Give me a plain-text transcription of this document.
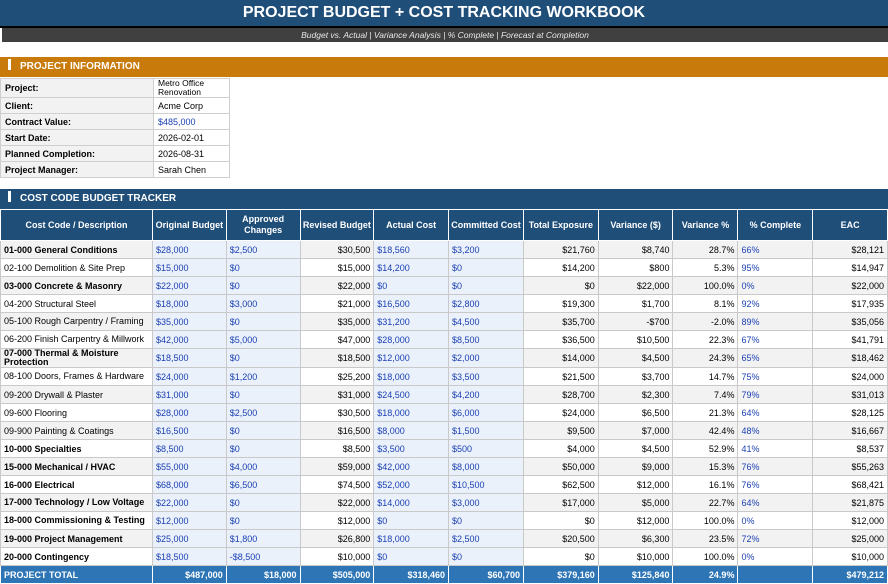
PROJECT BUDGET + COST TRACKING WORKBOOK
Budget vs. Actual | Variance Analysis | % Complete | Forecast at Completion
PROJECT INFORMATION
Project:	Metro Office Renovation
Client:	Acme Corp
Contract Value:	$485,000
Start Date:	2026-02-01
Planned Completion:	2026-08-31
Project Manager:	Sarah Chen
COST CODE BUDGET TRACKER
Cost Code / Description	Original Budget	Approved Changes	Revised Budget	Actual Cost	Committed Cost	Total Exposure	Variance ($)	Variance %	% Complete	EAC
01-000 General Conditions	$28,000	$2,500	$30,500	$18,560	$3,200	$21,760	$8,740	28.7%	66%	$28,121
02-100 Demolition & Site Prep	$15,000	$0	$15,000	$14,200	$0	$14,200	$800	5.3%	95%	$14,947
03-000 Concrete & Masonry	$22,000	$0	$22,000	$0	$0	$0	$22,000	100.0%	0%	$22,000
04-200 Structural Steel	$18,000	$3,000	$21,000	$16,500	$2,800	$19,300	$1,700	8.1%	92%	$17,935
05-100 Rough Carpentry / Framing	$35,000	$0	$35,000	$31,200	$4,500	$35,700	-$700	-2.0%	89%	$35,056
06-200 Finish Carpentry & Millwork	$42,000	$5,000	$47,000	$28,000	$8,500	$36,500	$10,500	22.3%	67%	$41,791
07-000 Thermal & Moisture Protection	$18,500	$0	$18,500	$12,000	$2,000	$14,000	$4,500	24.3%	65%	$18,462
08-100 Doors, Frames & Hardware	$24,000	$1,200	$25,200	$18,000	$3,500	$21,500	$3,700	14.7%	75%	$24,000
09-200 Drywall & Plaster	$31,000	$0	$31,000	$24,500	$4,200	$28,700	$2,300	7.4%	79%	$31,013
09-600 Flooring	$28,000	$2,500	$30,500	$18,000	$6,000	$24,000	$6,500	21.3%	64%	$28,125
09-900 Painting & Coatings	$16,500	$0	$16,500	$8,000	$1,500	$9,500	$7,000	42.4%	48%	$16,667
10-000 Specialties	$8,500	$0	$8,500	$3,500	$500	$4,000	$4,500	52.9%	41%	$8,537
15-000 Mechanical / HVAC	$55,000	$4,000	$59,000	$42,000	$8,000	$50,000	$9,000	15.3%	76%	$55,263
16-000 Electrical	$68,000	$6,500	$74,500	$52,000	$10,500	$62,500	$12,000	16.1%	76%	$68,421
17-000 Technology / Low Voltage	$22,000	$0	$22,000	$14,000	$3,000	$17,000	$5,000	22.7%	64%	$21,875
18-000 Commissioning & Testing	$12,000	$0	$12,000	$0	$0	$0	$12,000	100.0%	0%	$12,000
19-000 Project Management	$25,000	$1,800	$26,800	$18,000	$2,500	$20,500	$6,300	23.5%	72%	$25,000
20-000 Contingency	$18,500	-$8,500	$10,000	$0	$0	$0	$10,000	100.0%	0%	$10,000
PROJECT TOTAL	$487,000	$18,000	$505,000	$318,460	$60,700	$379,160	$125,840	24.9%		$479,212
